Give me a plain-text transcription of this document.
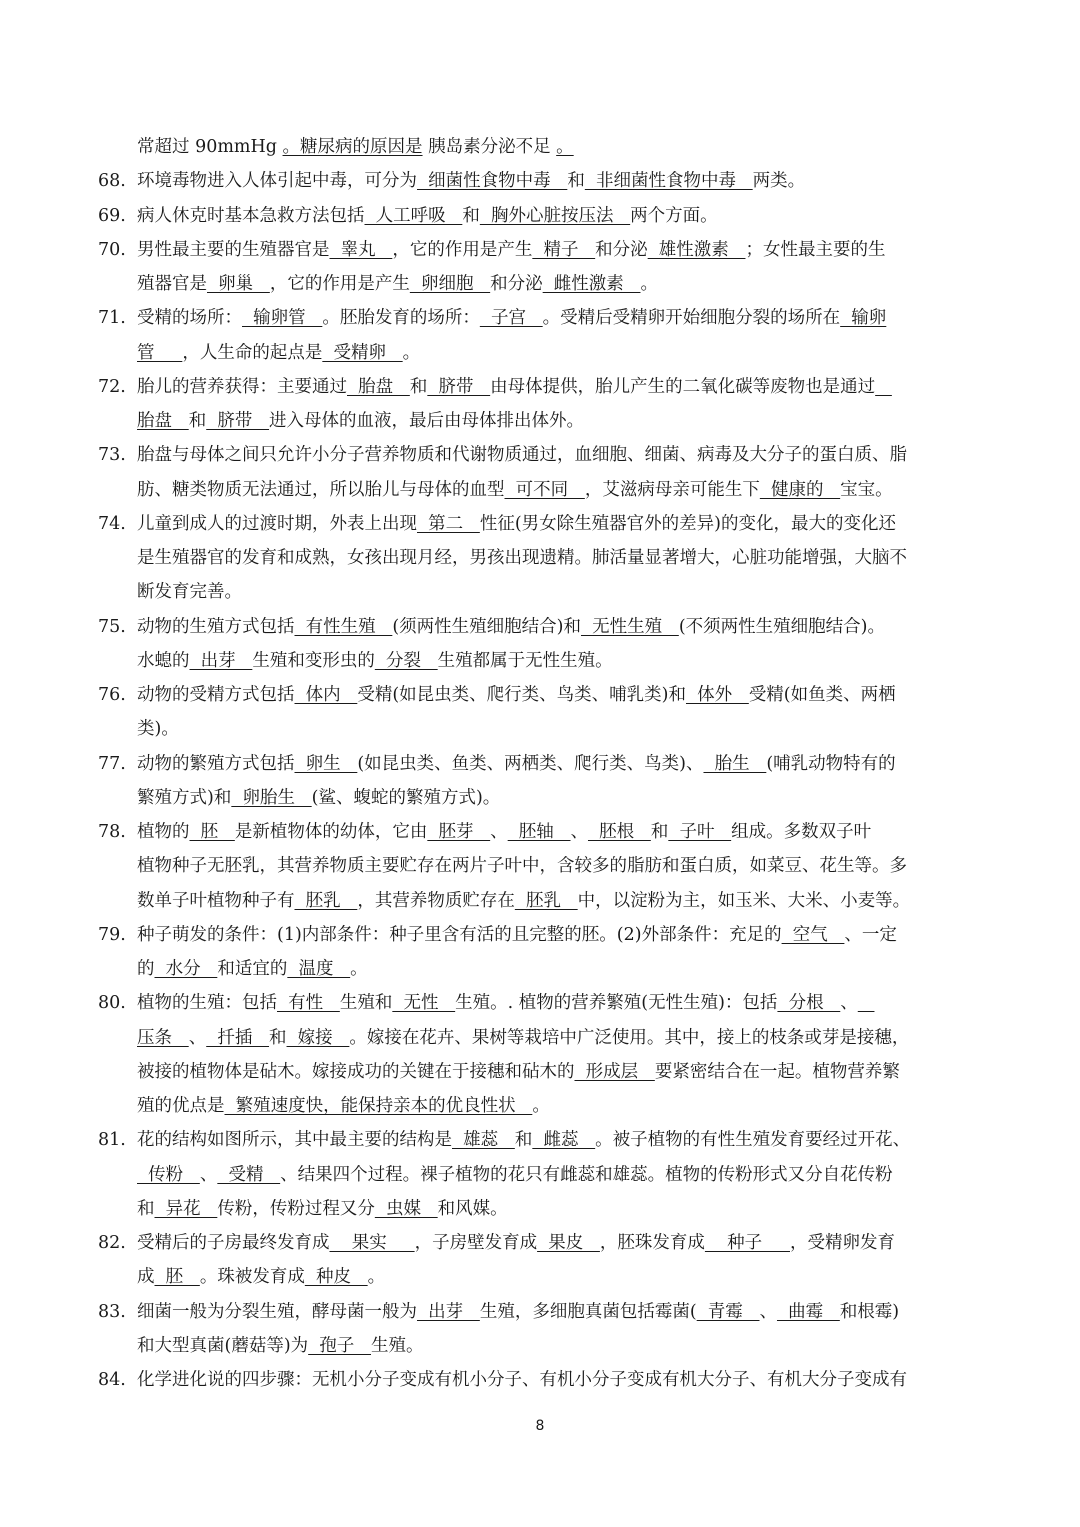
常超过 90mmHg 。糖尿病的原因是 胰岛素分泌不足 。
68. 环境毒物进入人体引起中毒，可分为  细菌性食物中毒   和  非细菌性食物中毒   两类。
69. 病人休克时基本急救方法包括  人工呼吸   和  胸外心脏按压法   两个方面。
70. 男性最主要的生殖器官是  睾丸   ，它的作用是产生  精子   和分泌  雄性激素   ；女性最主要的生
殖器官是  卵巢   ，它的作用是产生  卵细胞   和分泌  雌性激素   。
71. 受精的场所：  输卵管   。胚胎发育的场所：  子宫   。受精后受精卵开始细胞分裂的场所在  输卵
管     ，人生命的起点是  受精卵   。
72. 胎儿的营养获得：主要通过  胎盘   和  脐带   由母体提供，胎儿产生的二氧化碳等废物也是通过
胎盘   和  脐带   进入母体的血液，最后由母体排出体外。
73. 胎盘与母体之间只允许小分子营养物质和代谢物质通过，血细胞、细菌、病毒及大分子的蛋白质、脂
肪、糖类物质无法通过，所以胎儿与母体的血型  可不同   ，艾滋病母亲可能生下  健康的   宝宝。
74. 儿童到成人的过渡时期，外表上出现  第二   性征(男女除生殖器官外的差异)的变化，最大的变化还
是生殖器官的发育和成熟，女孩出现月经，男孩出现遗精。肺活量显著增大，心脏功能增强，大脑不
断发育完善。
75. 动物的生殖方式包括  有性生殖   (须两性生殖细胞结合)和  无性生殖   (不须两性生殖细胞结合)。
水螅的  出芽   生殖和变形虫的  分裂   生殖都属于无性生殖。
76. 动物的受精方式包括  体内   受精(如昆虫类、爬行类、鸟类、哺乳类)和  体外   受精(如鱼类、两栖
类)。
77. 动物的繁殖方式包括  卵生   (如昆虫类、鱼类、两栖类、爬行类、鸟类)、  胎生   (哺乳动物特有的
繁殖方式)和  卵胎生   (鲨、蝮蛇的繁殖方式)。
78. 植物的  胚   是新植物体的幼体，它由  胚芽   、  胚轴   、  胚根   和  子叶   组成。多数双子叶
植物种子无胚乳，其营养物质主要贮存在两片子叶中，含较多的脂肪和蛋白质，如菜豆、花生等。多
数单子叶植物种子有  胚乳   ，其营养物质贮存在  胚乳   中，以淀粉为主，如玉米、大米、小麦等。
79. 种子萌发的条件：(1)内部条件：种子里含有活的且完整的胚。(2)外部条件：充足的  空气   、一定
的  水分   和适宜的  温度   。
80. 植物的生殖：包括  有性   生殖和  无性   生殖。. 植物的营养繁殖(无性生殖)：包括  分根   、
压条   、  扦插   和  嫁接   。嫁接在花卉、果树等栽培中广泛使用。其中，接上的枝条或芽是接穗，
被接的植物体是砧木。嫁接成功的关键在于接穗和砧木的  形成层   要紧密结合在一起。植物营养繁
殖的优点是  繁殖速度快，能保持亲本的优良性状   。
81. 花的结构如图所示，其中最主要的结构是  雄蕊   和  雌蕊   。被子植物的有性生殖发育要经过开花、
传粉   、  受精   、结果四个过程。裸子植物的花只有雌蕊和雄蕊。植物的传粉形式又分自花传粉
和  异花   传粉，传粉过程又分  虫媒   和风媒。
82. 受精后的子房最终发育成    果实     ，子房壁发育成  果皮   ，胚珠发育成    种子     ，受精卵发育
成  胚   。珠被发育成  种皮   。
83. 细菌一般为分裂生殖，酵母菌一般为  出芽   生殖，多细胞真菌包括霉菌(  青霉   、  曲霉   和根霉)
和大型真菌(蘑菇等)为  孢子   生殖。
84. 化学进化说的四步骤：无机小分子变成有机小分子、有机小分子变成有机大分子、有机大分子变成有
8
